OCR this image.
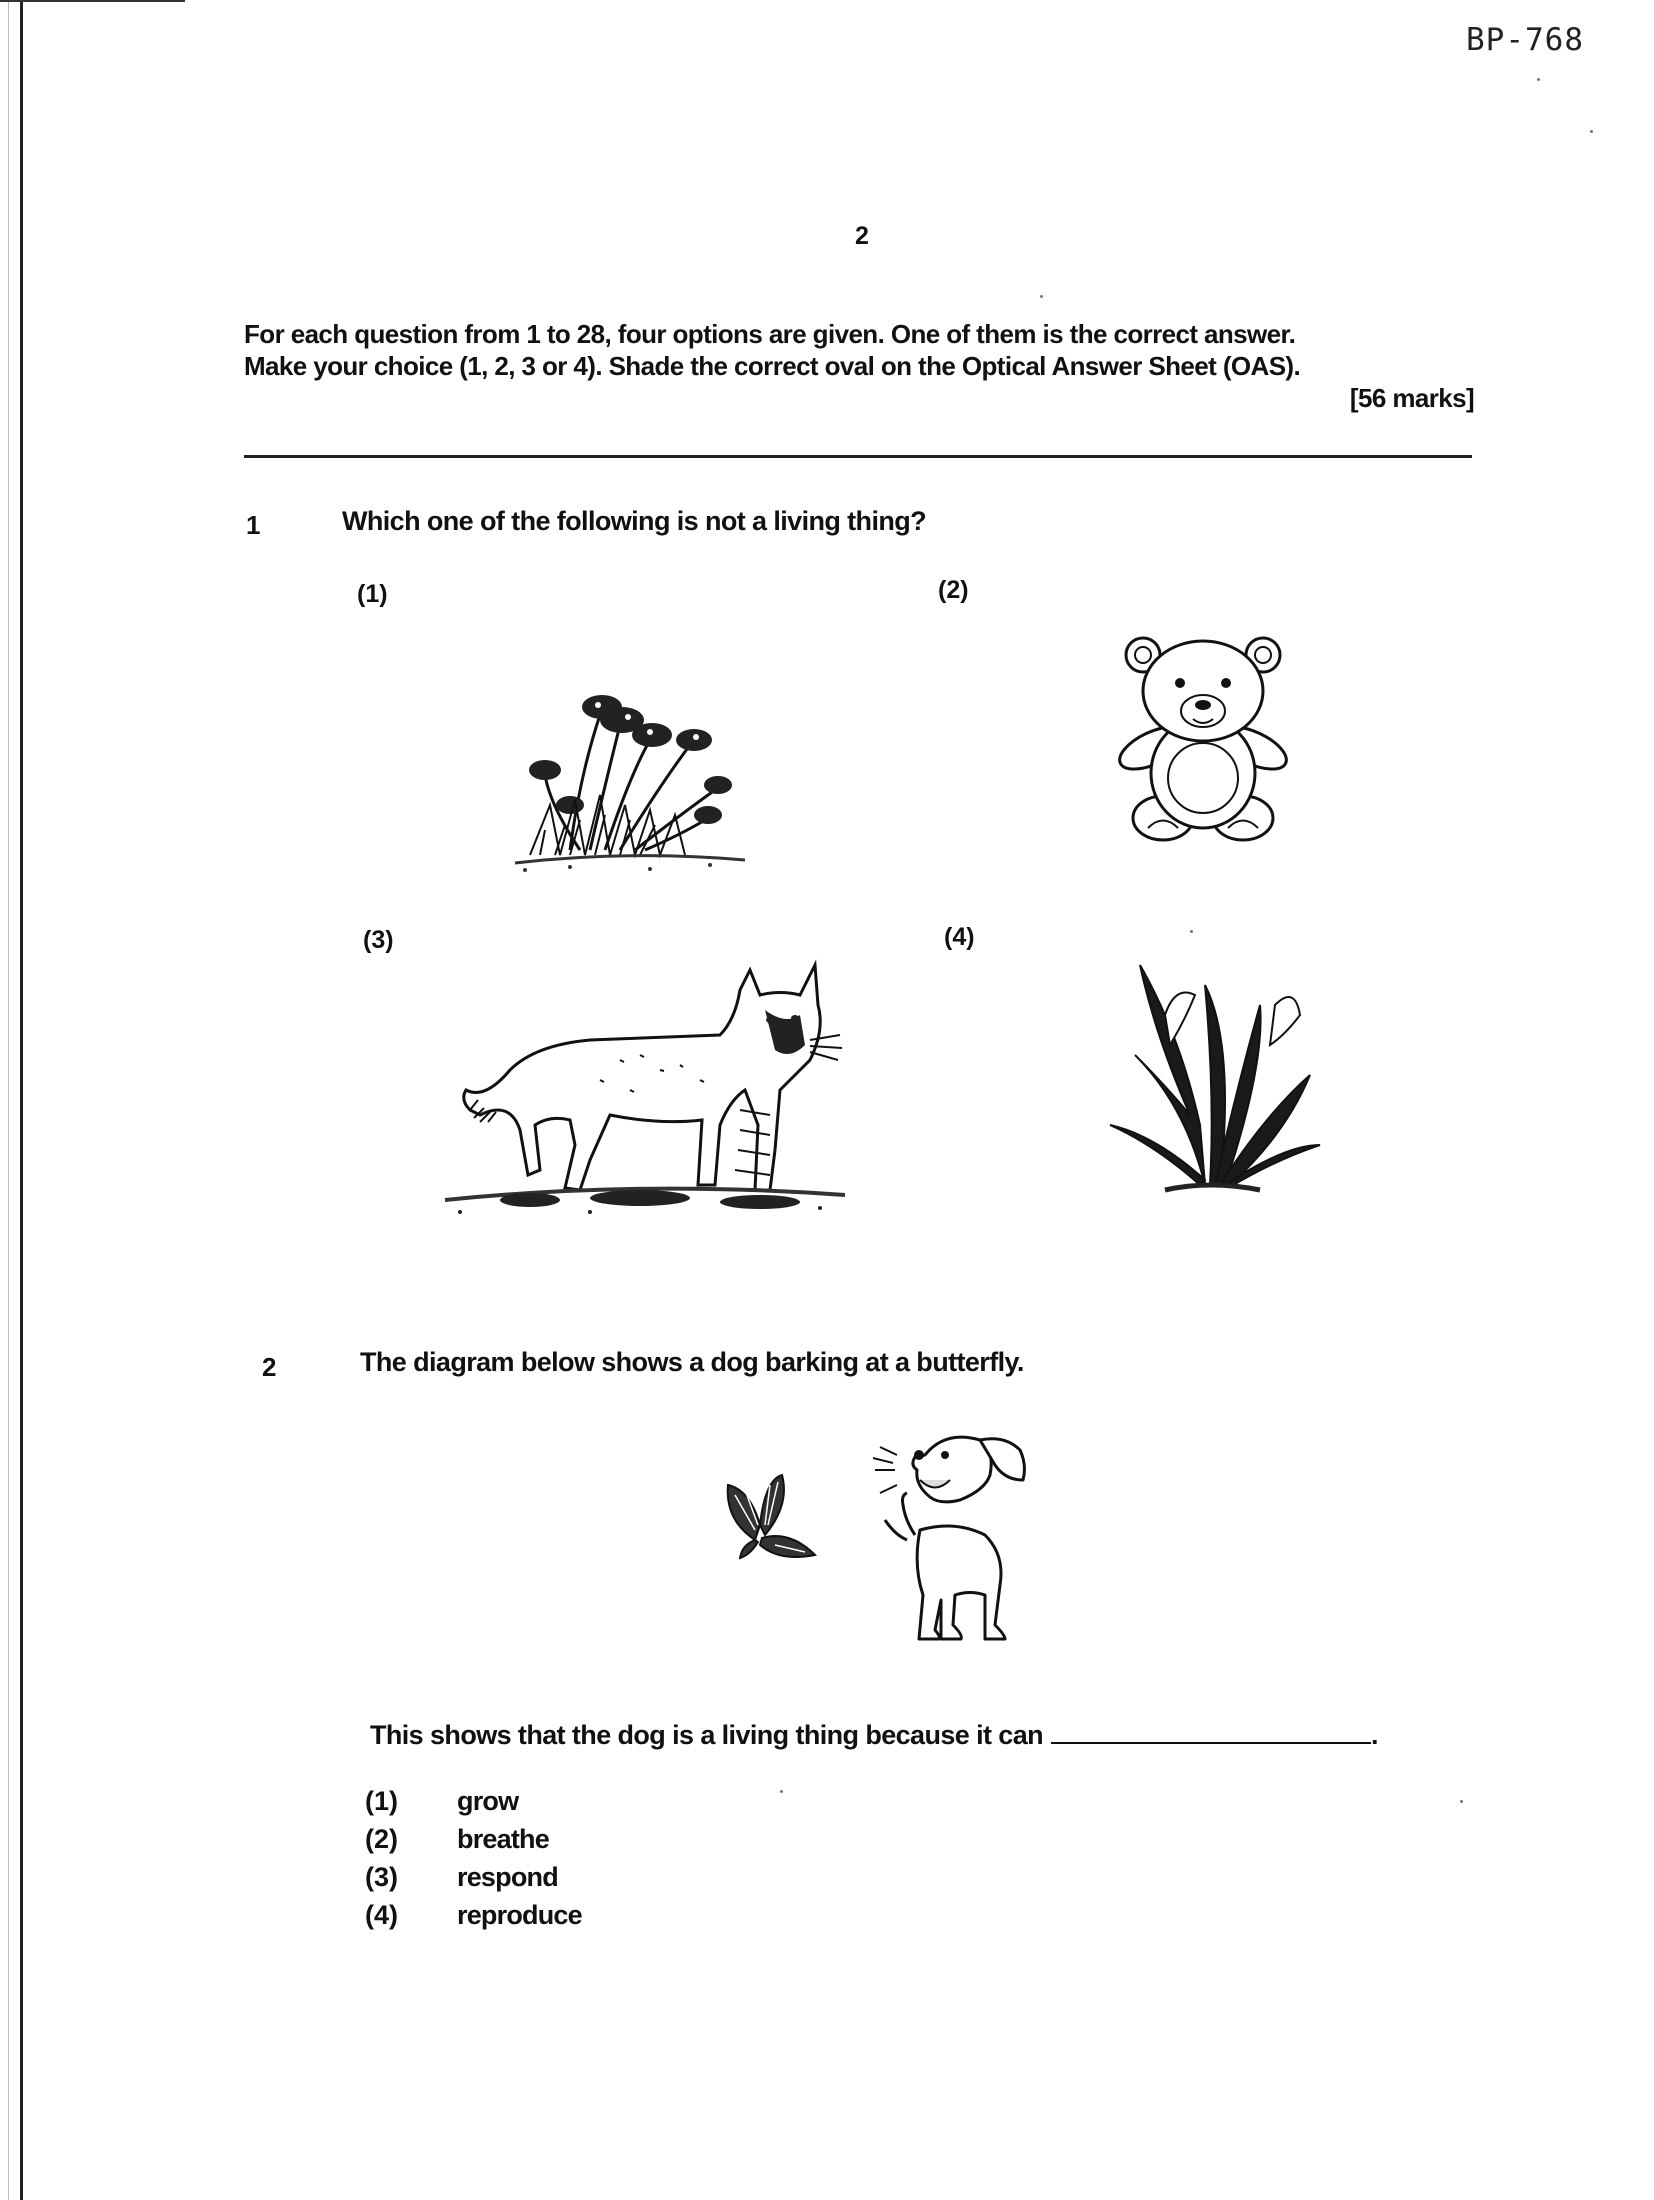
BP-768
2
For each question from 1 to 28, four options are given. One of them is the correct answer.
Make your choice (1, 2, 3 or 4). Shade the correct oval on the Optical Answer Sheet (OAS).
[56 marks]
1	Which one of the following is not a living thing?
(1)	(2)
(3)	(4)
2	The diagram below shows a dog barking at a butterfly.
This shows that the dog is a living thing because it can	.
(1)	grow
(2)	breathe
(3)	respond
(4)	reproduce
